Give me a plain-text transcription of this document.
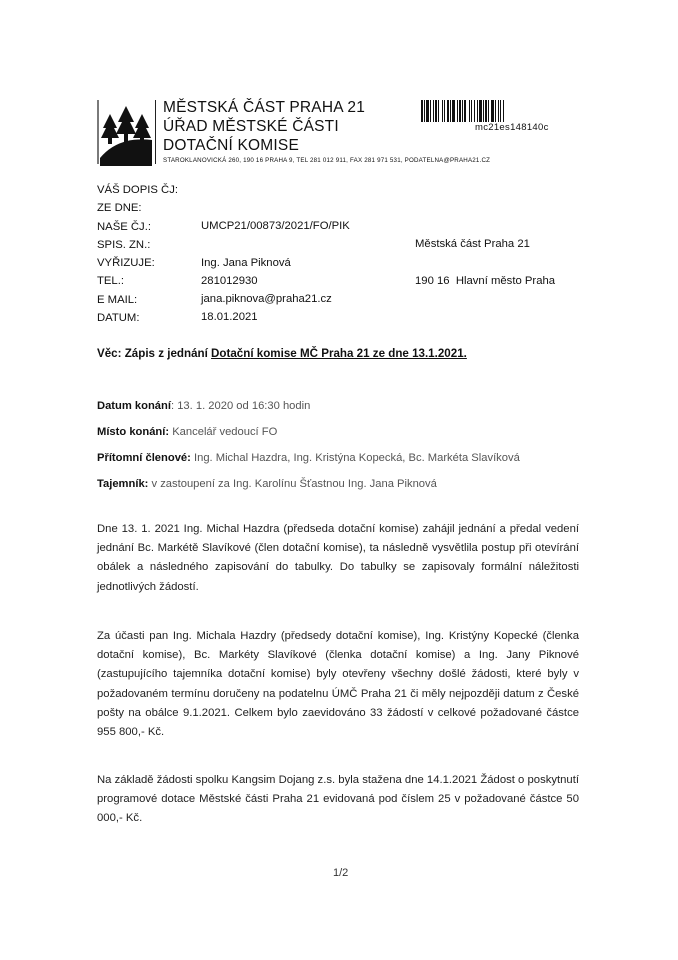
MĚSTSKÁ ČÁST PRAHA 21
ÚŘAD MĚSTSKÉ ČÁSTI
DOTAČNÍ KOMISE
STAROKLANOVICKÁ 260, 190 16 PRAHA 9, TEL 281 012 911, FAX 281 971 531, PODATELNA@PRAHA21.CZ
mc21es148140c
VÁŠ DOPIS ČJ:
ZE DNE:
NAŠE ČJ.:
SPIS. ZN.:
VYŘIZUJE:
TEL.:
E MAIL:
DATUM:
UMCP21/00873/2021/FO/PIK

Ing. Jana Piknová
281012930
jana.piknova@praha21.cz
18.01.2021
Městská část Praha 21

190 16  Hlavní město Praha
Věc: Zápis z jednání Dotační komise MČ Praha 21 ze dne 13.1.2021.
Datum konání: 13. 1. 2020 od 16:30 hodin
Místo konání: Kancelář vedoucí FO
Přítomní členové: Ing. Michal Hazdra, Ing. Kristýna Kopecká, Bc. Markéta Slavíková
Tajemník: v zastoupení za Ing. Karolínu Šťastnou Ing. Jana Piknová
Dne 13. 1. 2021 Ing. Michal Hazdra (předseda dotační komise) zahájil jednání a předal vedení jednání Bc. Markétě Slavíkové (člen dotační komise), ta následně vysvětlila postup při otevírání obálek a následného zapisování do tabulky. Do tabulky se zapisovaly formální náležitosti jednotlivých žádostí.
Za účasti pan Ing. Michala Hazdry (předsedy dotační komise), Ing. Kristýny Kopecké (členka dotační komise), Bc. Markéty Slavíkové (členka dotační komise) a Ing. Jany Piknové (zastupujícího tajemníka dotační komise) byly otevřeny všechny došlé žádosti, které byly v požadovaném termínu doručeny na podatelnu ÚMČ Praha 21 či měly nejpozději datum z České pošty na obálce 9.1.2021. Celkem bylo zaevidováno 33 žádostí v celkové požadované částce 955 800,- Kč.
Na základě žádosti spolku Kangsim Dojang z.s. byla stažena dne 14.1.2021 Žádost o poskytnutí programové dotace Městské části Praha 21 evidovaná pod číslem 25 v požadované částce 50 000,- Kč.
1/2
